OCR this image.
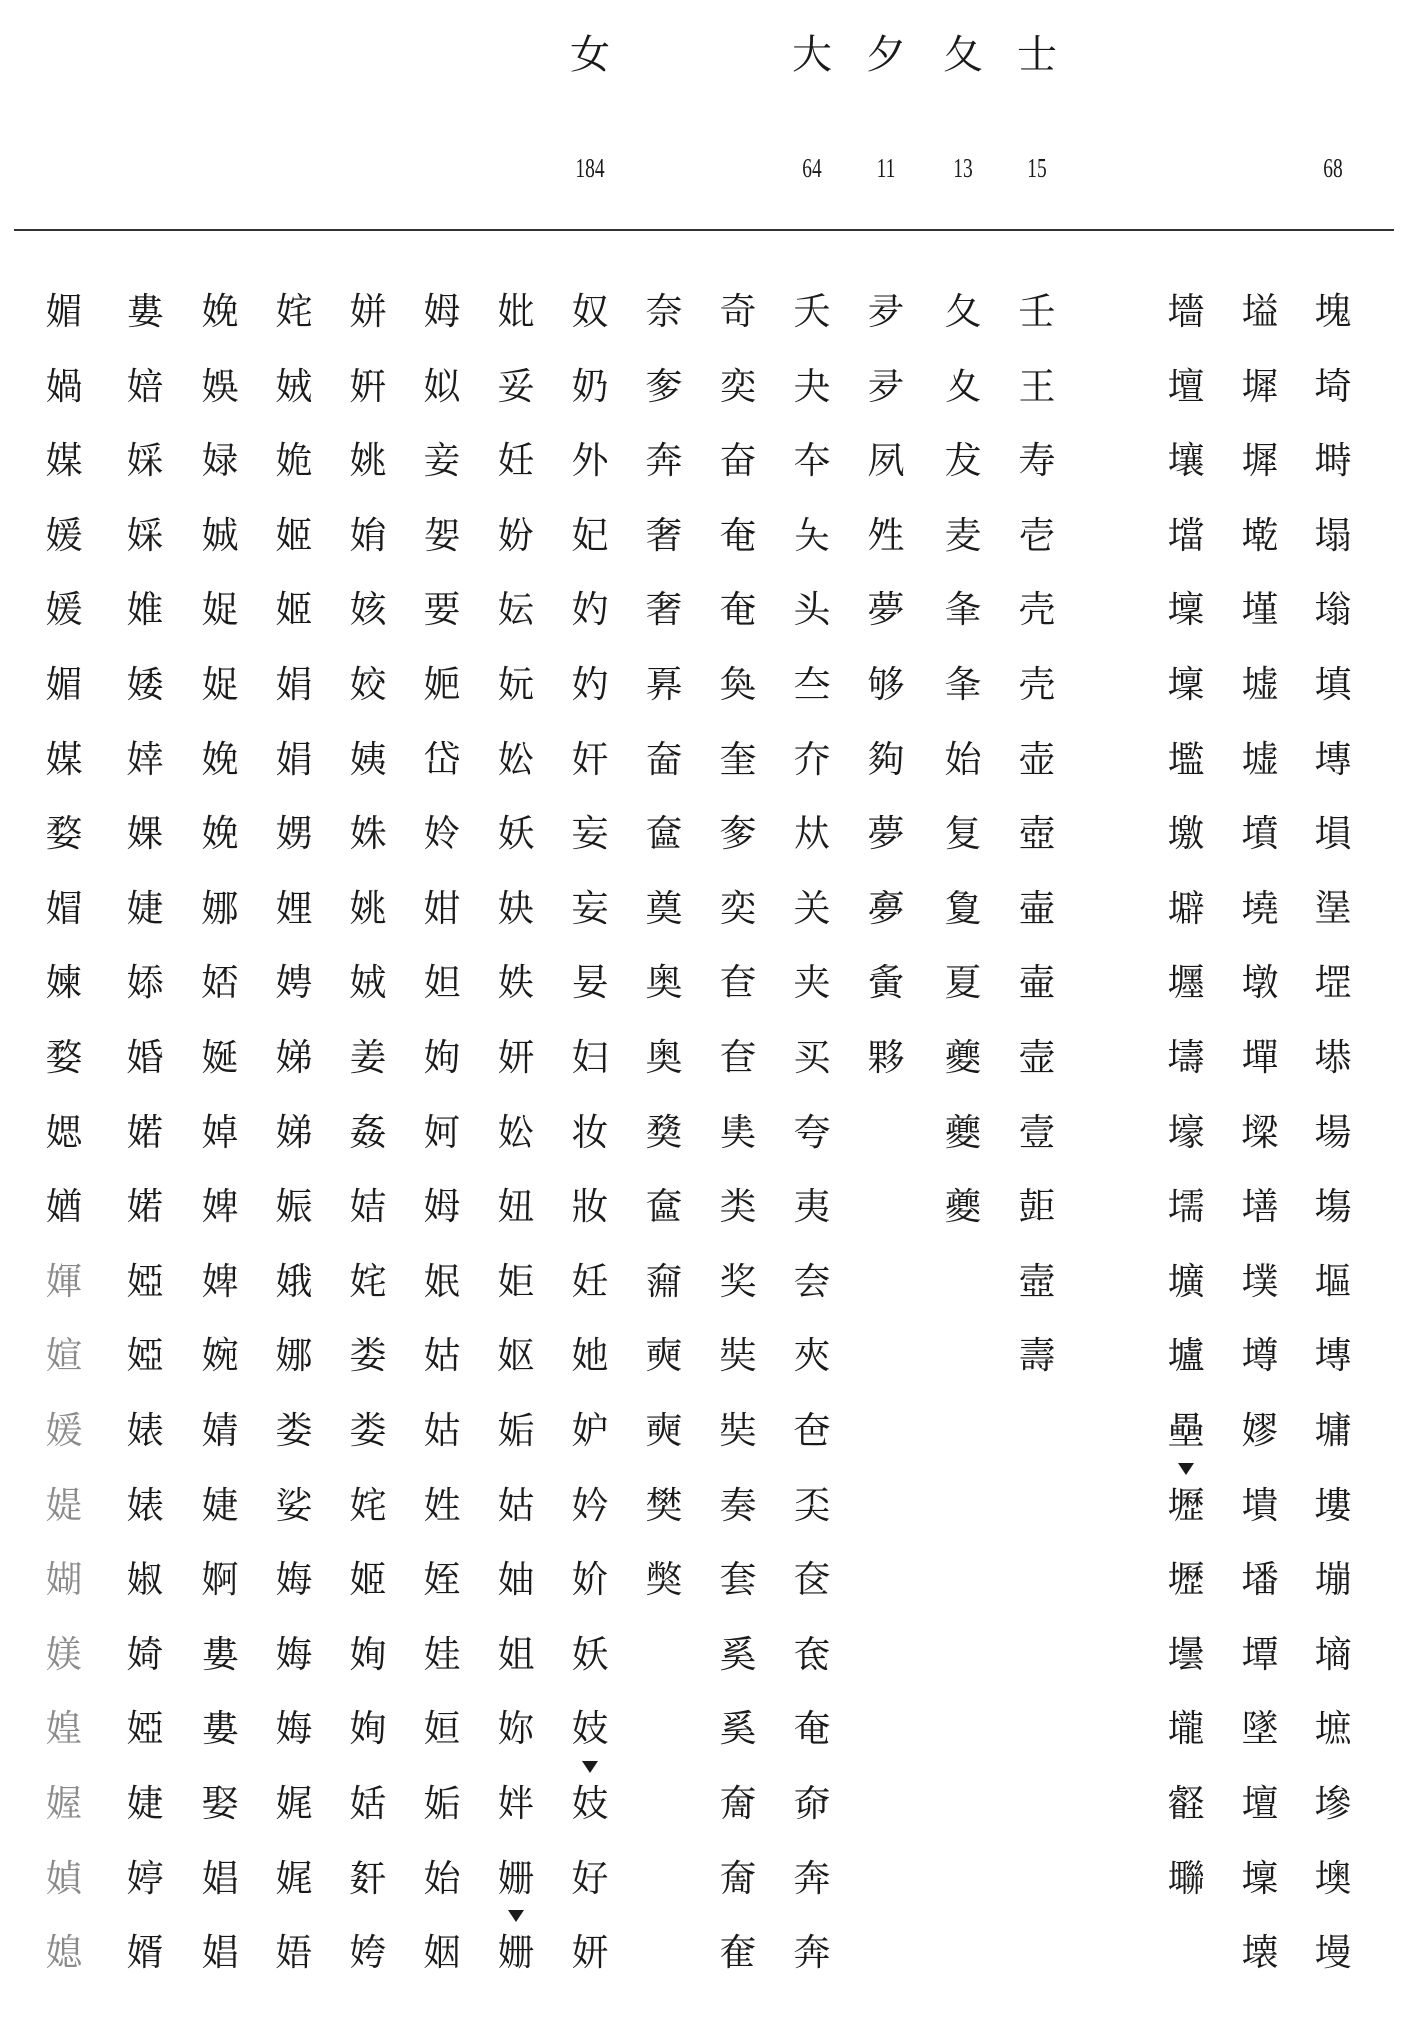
女
184
大
64
夕
11
夂
13
士
15	68
塊
埼
塒
塌
塕
填
塼
塤
塣
堽
塨
場
塲
塸
塼
墉
塿
塴
墒
墌
墋
墺
墁
塧
墀
墀
墘
墐
墟
墟
墳
墝
墩
墠
墚
墡
墣
墫
嫪
墤
墦
墰
墜
壇
壈
壊
墻
壇
壤
壋
壈
壈
壏
墽
壀
壥
壔
壕
壖
壙
壚
壘
壢
壢
壜
壠
壡
壣
壬
王
寿
壱
壳
壳
壶
壺
壷
壷
壸
壹
壾
壼
壽
夂
夊
犮
麦
夆
夆
始
复
夐
夏
夔
夔
夔
夛
夛
夙
夝
夢
够
夠
夢
夣
夤
夥
夭
夬
夲
夨
头
夳
夰
夶
关
夹
买
夸
夷
夽
夾
夿
奀
奁
奃
奄
奅
奔
奔
奇
奕
奋
奄
奄
奐
奎
奓
奕
奆
奆
奊
类
奖
奘
奘
奏
套
奚
奚
奝
奝
奞
奈
奓
奔
奢
奢
奡
奤
奩
奠
奥
奥
奦
奩
奫
奭
奭
樊
獘
奴
奶
外
妃
妁
妁
奸
妄
妄
妟
妇
妆
妝
妊
她
妒
妗
妎
妖
妓
妓
好
妍
妣
妥
妊
妢
妘
妧
妐
妖
妜
妷
妍
妐
妞
姖
妪
姤
姑
妯
姐
妳
姅
姗
姗
姆
姒
妾
妿
要
㛂
岱
姈
姏
妲
姁
妸
姆
姄
姑
姑
姓
姪
娃
姮
姤
始
姻
姘
姸
姚
姢
姟
姣
姨
姝
姚
娀
姜
姦
姞
姹
娄
娄
姹
姬
姰
姰
姡
姧
姱
姹
娀
姽
姬
姬
娟
娟
娚
娌
娉
娣
娣
娠
娥
娜
娄
娑
娒
娒
娒
娓
娓
娪
娩
娛
娽
娍
娖
娖
娩
娩
娜
娝
娫
婥
婢
婢
婉
婧
婕
婀
婁
婁
娶
娼
娼
婁
婄
婇
婇
婎
婑
婞
婐
婕
婖
婚
婼
婼
婭
婭
婊
婊
婌
婍
婭
婕
婷
婿
媚
媧
媒
媛
媛
媚
媒
婺
媢
媡
婺
媤
媨
媈
媗
媛
媞
媩
媄
媓
媉
媜
媳
